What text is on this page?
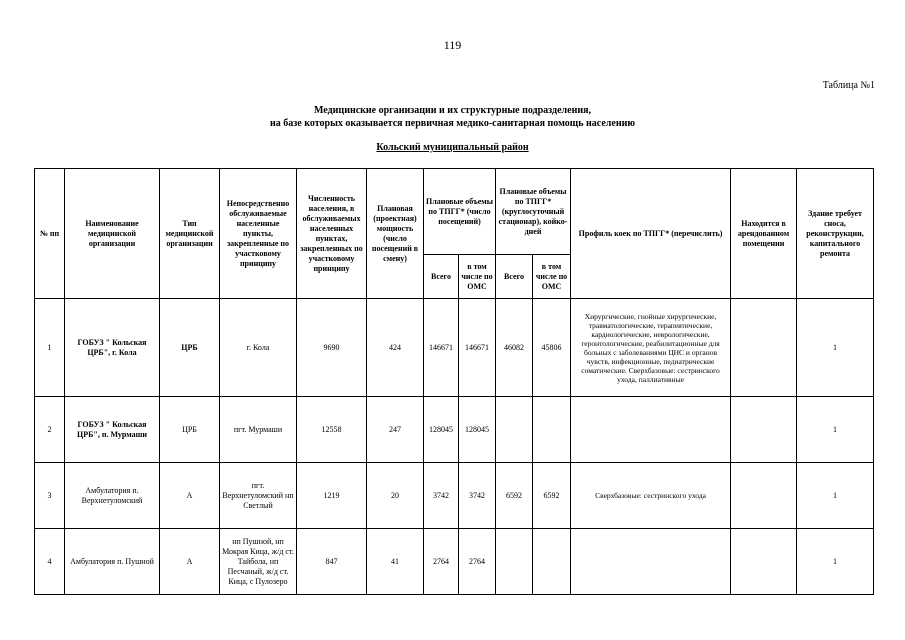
119
Таблица №1
Медицинские организации и их структурные подразделения,
на базе которых оказывается первичная медико-санитарная помощь населению
Кольский муниципальный район
№ пп	Наименование медицинской организации	Тип медицинской организации	Непосредственно обслуживаемые населенные пункты, закрепленные по участковому принципу	Численность населения, в обслуживаемых населенных пунктах, закрепленных по участковому принципу	Плановая (проектная) мощность (число посещений в смену)	Плановые объемы по ТПГГ* (число посещений)		Плановые объемы по ТПГГ* (круглосуточный стационар), койко-дней		Профиль коек по ТПГГ* (перечислить)	Находится в арендованном помещении	Здание требует сноса, реконструкции, капитального ремонта
						Всего	в том числе по ОМС	Всего	в том числе по ОМС			
1	ГОБУЗ " Кольская ЦРБ", г. Кола	ЦРБ	г. Кола	9690	424	146671	146671	46082	45806	Хирургические, гнойные хирургические, травматологические, терапевтические, кардиологические, неврологические, геронтологические, реабилитационные для больных с заболеваниями ЦНС и органов чувств, инфекционные, педиатрические соматические. Сверхбазовые: сестринского ухода, паллиативные		1
2	ГОБУЗ " Кольская ЦРБ", п. Мурмаши	ЦРБ	пгт. Мурмаши	12558	247	128045	128045					1
3	Амбулатория п. Верхнетуломский	А	пгт. Верхнетуломский нп Светлый	1219	20	3742	3742	6592	6592	Сверхбазовые: сестринского ухода		1
4	Амбулатория п. Пушной	А	нп Пушной, нп Мокрая Кица, ж/д ст. Тайбола, нп Песчаный, ж/д ст. Кица, с Пулозеро	847	41	2764	2764					1
